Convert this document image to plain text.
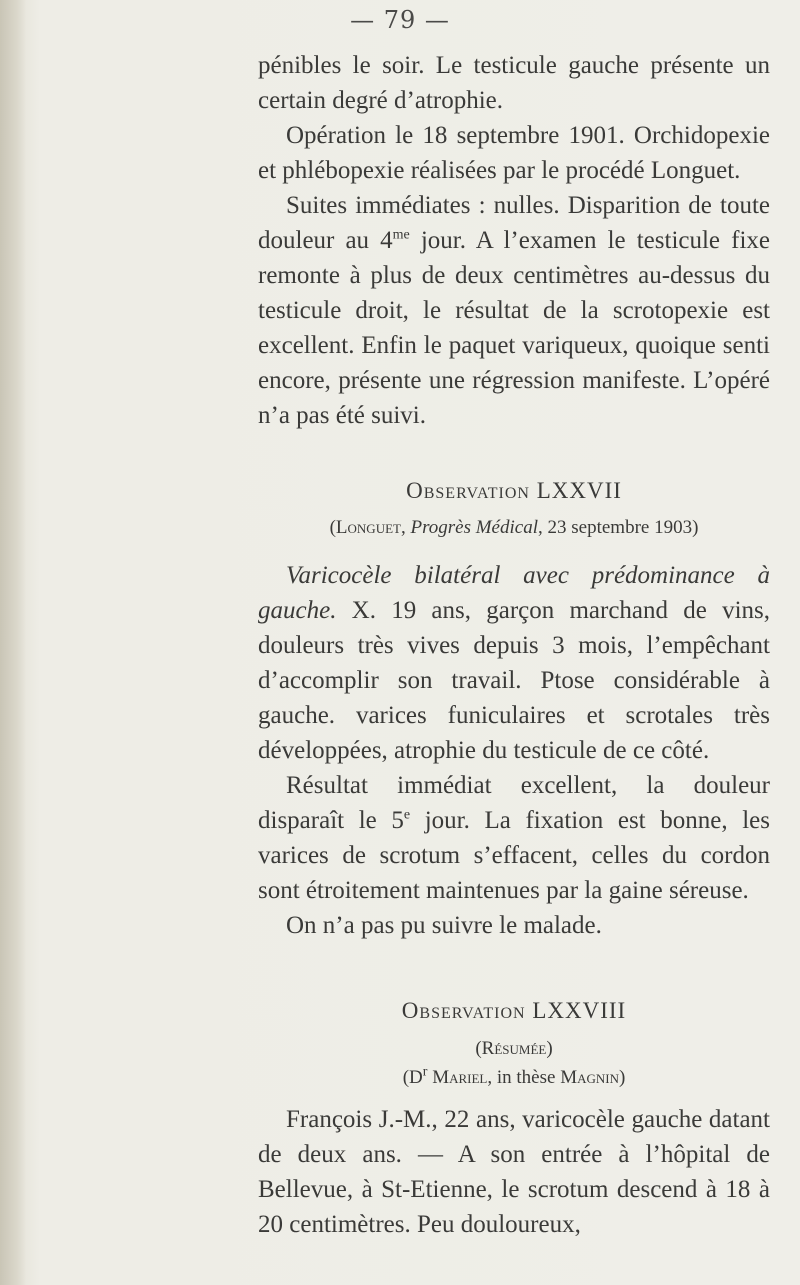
— 79 —

pénibles le soir. Le testicule gauche présente un certain degré d’atrophie.

Opération le 18 septembre 1901. Orchidopexie et phlébopexie réalisées par le procédé Longuet.

Suites immédiates : nulles. Disparition de toute douleur au $4^{me}$ jour. A l’examen le testicule fixe remonte à plus de deux centimètres au-dessus du testicule droit, le résultat de la scrotopexie est excellent. Enfin le paquet variqueux, quoique senti encore, présente une régression manifeste. L’opéré n’a pas été suivi.

Observation LXXVII
(Longuet, Progrès Médical, 23 septembre 1903)

Varicocèle bilatéral avec prédominance à gauche. X. 19 ans, garçon marchand de vins, douleurs très vives depuis 3 mois, l’empêchant d’accomplir son travail. Ptose considérable à gauche. varices funiculaires et scrotales très développées, atrophie du testicule de ce côté.

Résultat immédiat excellent, la douleur disparaît le 5e jour. La fixation est bonne, les varices de scrotum s’effacent, celles du cordon sont étroitement maintenues par la gaine séreuse.

On n’a pas pu suivre le malade.

Observation LXXVIII
(Résumée)
($D^r$ Mariel, in thèse Magnin)

François J.-M., 22 ans, varicocèle gauche datant de deux ans. — A son entrée à l’hôpital de Bellevue, à St-Etienne, le scrotum descend à 18 à 20 centimètres. Peu douloureux,
